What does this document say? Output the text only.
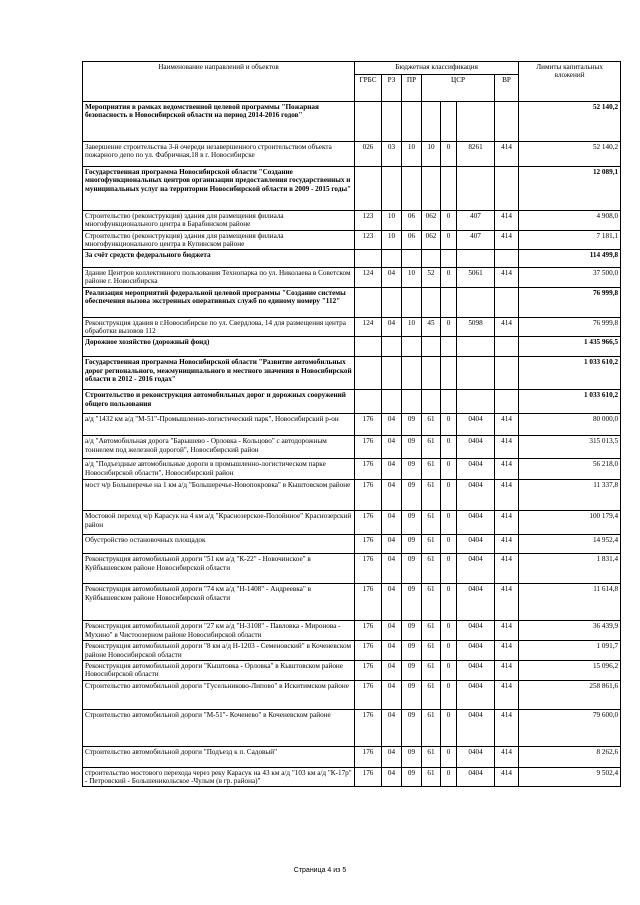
Наименование направлений и объектов	Бюджетная классификация							Лимиты капитальных вложений
	ГРБС	РЗ	ПР	ЦСР			ВР	
Мероприятия в рамках ведомственной целевой программы "Пожарная безопасность в Новосибирской области на период 2014-2016 годов"								52 140,2
Завершение строительства 3-й очереди незавершенного строительством объекта пожарного депо по ул. Фабричная,18 в г. Новосибирске	026	03	10	10	0	8261	414	52 140,2
Государственная программа Новосибирской области "Создание многофункциональных центров организации предоставления государственных и муниципальных услуг на территории Новосибирской области в 2009 - 2015 годы"								12 089,1
Строительство (реконструкция) здания для размещения филиала многофункционального центра в Барабинском районе	123	10	06	062	0	407	414	4 908,0
Строительство (реконструкция) здания для размещения филиала многофункционального центра в Купинском районе	123	10	06	062	0	407	414	7 181,1
За счёт средств федерального бюджета								114 499,8
Здание Центров коллективного пользования Технопарка по ул. Николаева в Советском районе г. Новосибирска	124	04	10	52	0	5061	414	37 500,0
Реализация мероприятий федеральной целевой программы "Создание системы обеспечения вызова экстренных оперативных служб по единому номеру "112"								76 999,8
Реконструкция здания в г.Новосибирске по ул. Свердлова, 14 для размещения центра обработки вызовов 112	124	04	10	45	0	5098	414	76 999,8
Дорожное хозяйство (дорожный фонд)								1 435 966,5
Государственная программа Новосибирской области "Развитие автомобильных дорог регионального, межмуниципального и местного значения в Новосибирской области в 2012 - 2016 годах"								1 033 610,2
Строительство и реконструкция автомобильных дорог и дорожных сооружений общего пользования								1 033 610,2
а/д "1432 км а/д "М-51"-Промышленно-логистический парк", Новосибирский р-он	176	04	09	61	0	0404	414	80 000,0
а/д "Автомобильная дорога "Барышево - Орловка - Кольцово" с автодорожным тоннелем под железной дорогой", Новосибирский район	176	04	09	61	0	0404	414	315 013,5
а/д "Подъездные автомобильные дороги в промышленно-логистическом парке Новосибирской области", Новосибирский район	176	04	09	61	0	0404	414	56 218,0
мост ч/р Большеречье на 1 км а/д "Большеречье-Новопокровка" в Кыштовском районе	176	04	09	61	0	0404	414	11 337,8
Мостовой переход ч/р Карасук на 4 км а/д "Краснозерское-Полойнное" Краснозерский район	176	04	09	61	0	0404	414	100 179,4
Обустройство остановочных площадок	176	04	09	61	0	0404	414	14 952,4
Реконструкция автомобильной дороги "51 км а/д "К-22" - Новочинское" в Куйбышевском районе Новосибирской области	176	04	09	61	0	0404	414	1 831,4
Реконструкция автомобильной дороги "74 км а/д "Н-1408" - Андреевка" в Куйбышевском районе Новосибирской области	176	04	09	61	0	0404	414	11 614,8
Реконструкция автомобильной дороги "27 км а/д "Н-3108" - Павловка - Миронова - Мухино" в Чистоозерном районе Новосибирской области	176	04	09	61	0	0404	414	36 439,9
Реконструкция автомобильной дороги "8 км а/д Н-1203 - Семеновский" в Коченевском районе Новосибирской области	176	04	09	61	0	0404	414	1 091,7
Реконструкция автомобильной дороги "Кыштовка - Орловка" в Кыштовском районе Новосибирской области	176	04	09	61	0	0404	414	15 096,2
Строительство автомобильной дороги "Гусельниково-Липово" в Искитимском районе	176	04	09	61	0	0404	414	258 861,6
Строительство автомобильной дороги "М-51"- Коченево" в Коченевском районе	176	04	09	61	0	0404	414	79 600,0
Строительство автомобильной дороги "Подъезд к п. Садовый"	176	04	09	61	0	0404	414	8 262,6
строительство мостового перехода через реку Карасук на 43 км а/д "103 км а/д "К-17р" - Петровский - Большеникольское -Чулым (в гр. района)"	176	04	09	61	0	0404	414	9 502,4
Страница 4 из 5
